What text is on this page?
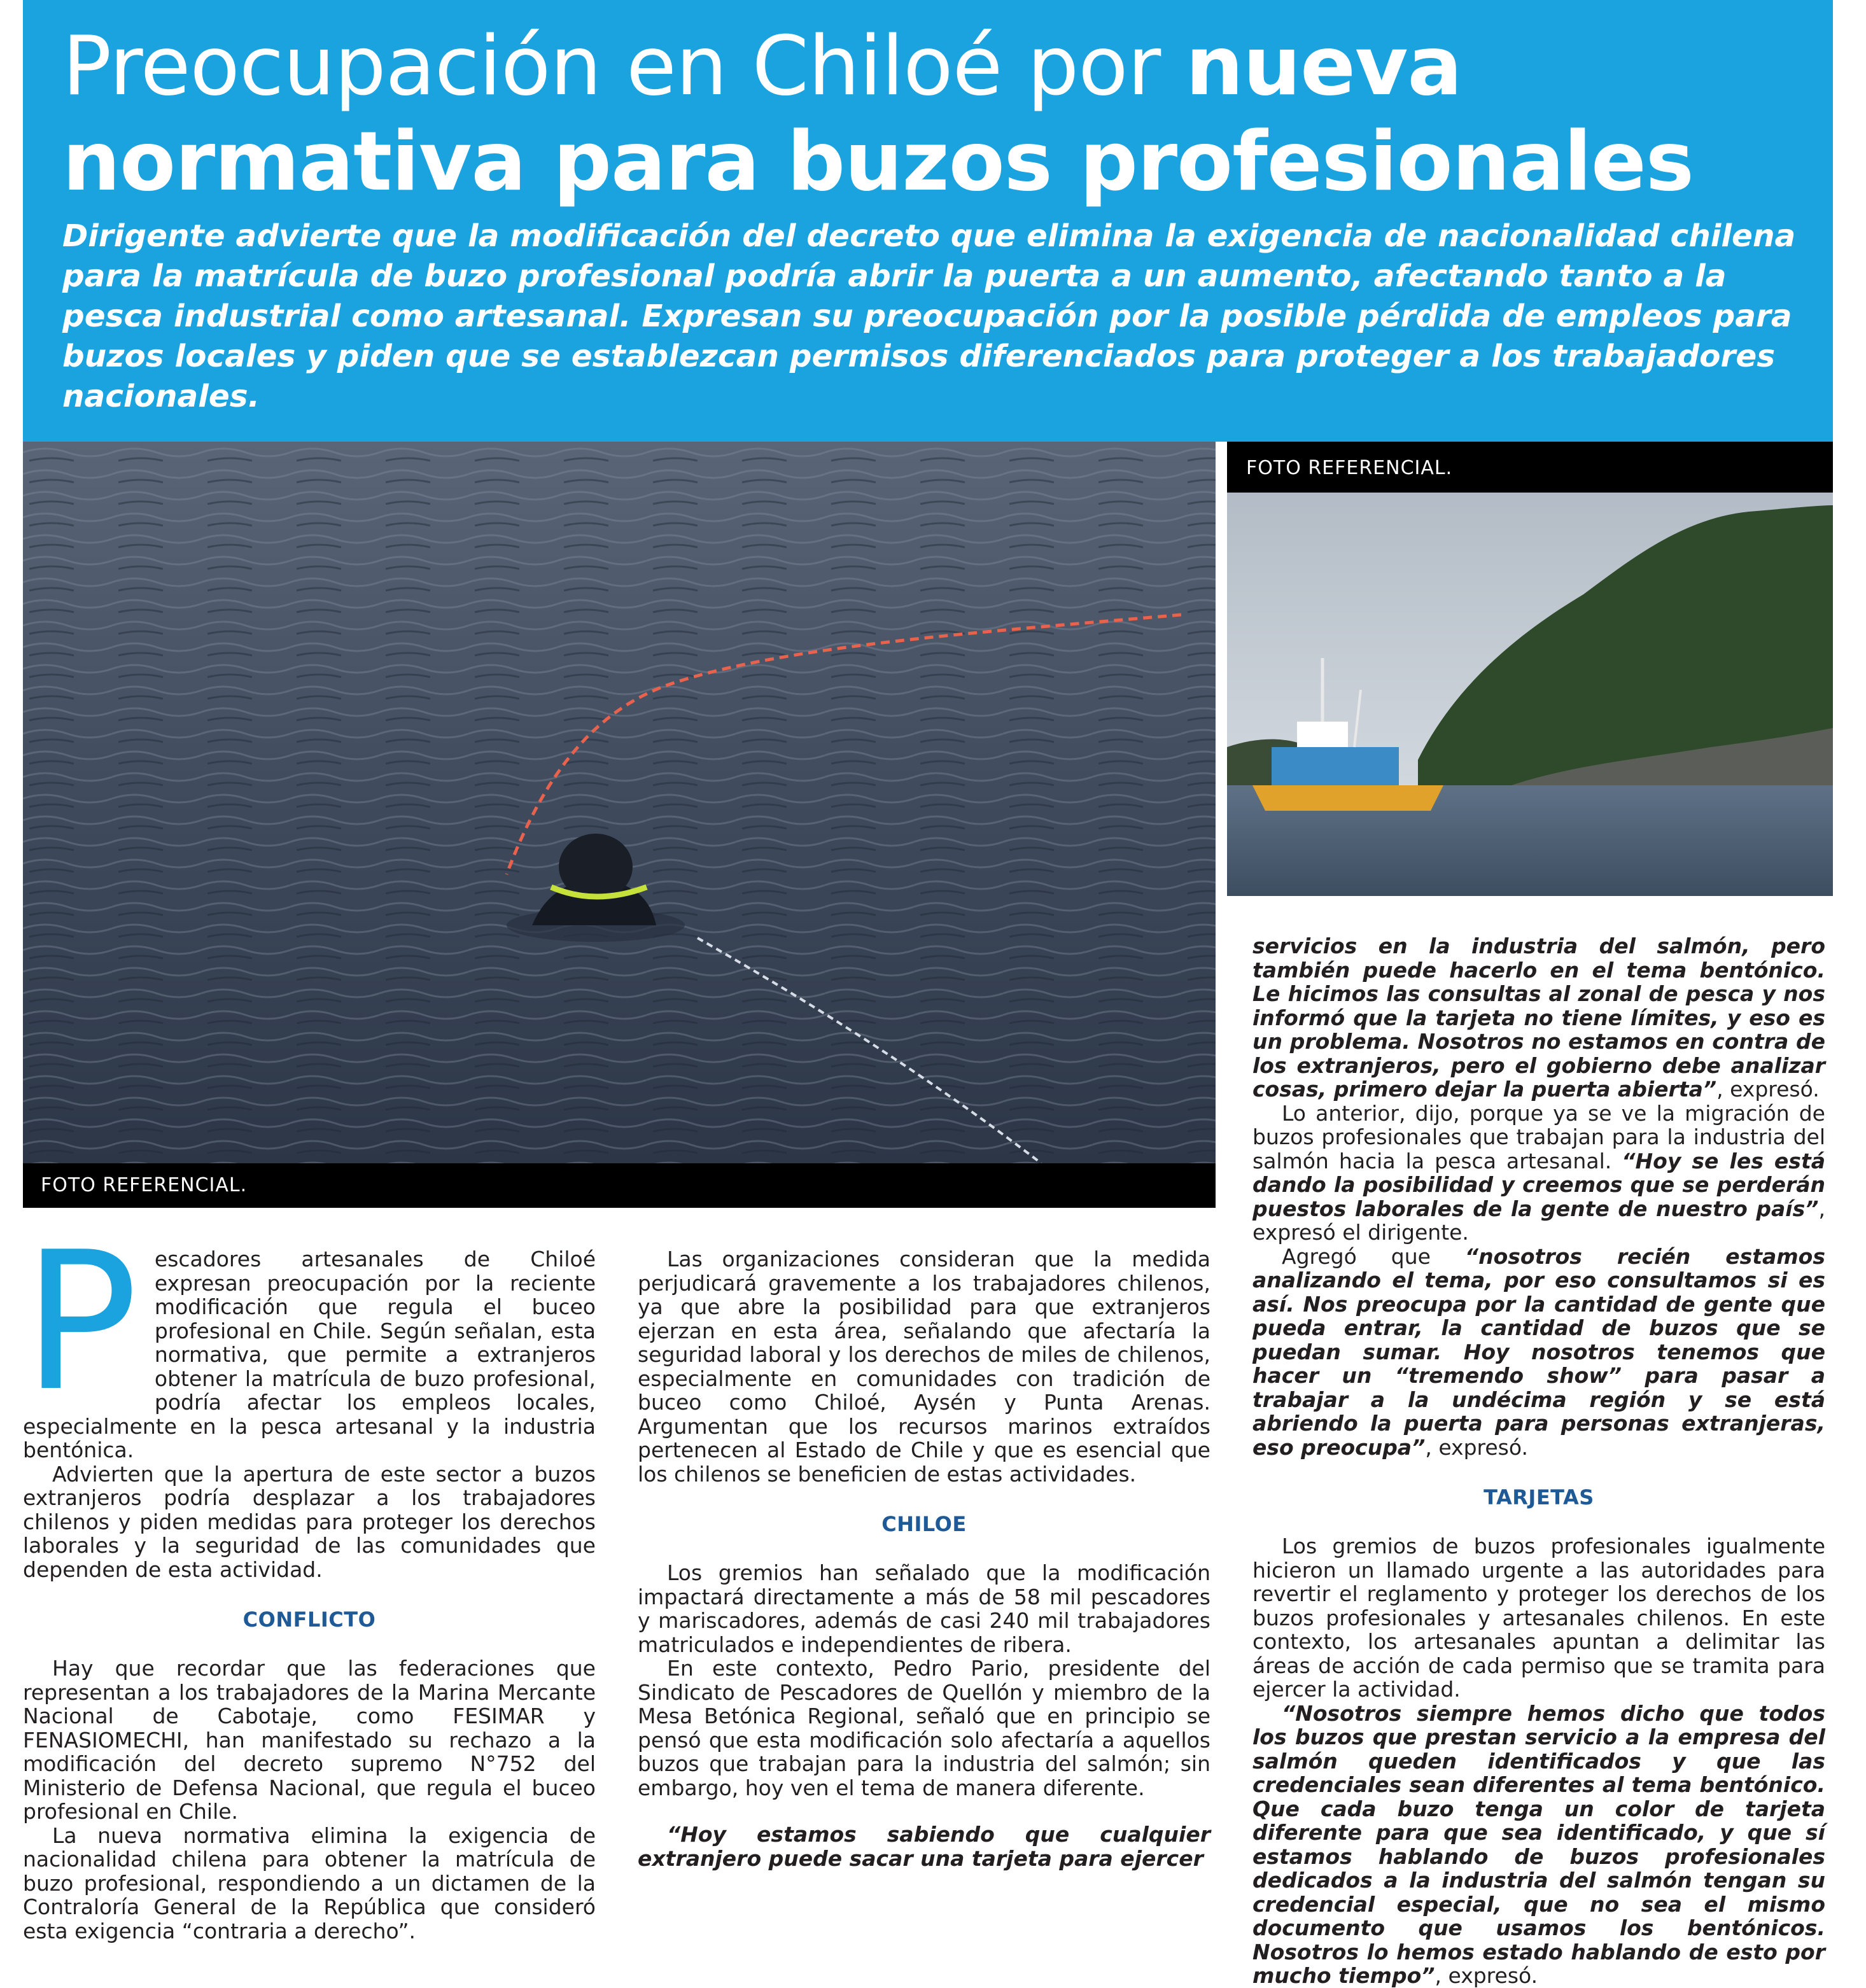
Preocupación en Chiloé por nueva normativa para buzos profesionales

Dirigente advierte que la modificación del decreto que elimina la exigencia de nacionalidad chilena para la matrícula de buzo profesional podría abrir la puerta a un aumento, afectando tanto a la pesca industrial como artesanal. Expresan su preocupación por la posible pérdida de empleos para buzos locales y piden que se establezcan permisos diferenciados para proteger a los trabajadores nacionales.

FOTO REFERENCIAL.
FOTO REFERENCIAL.

Pescadores artesanales de Chiloé expresan preocupación por la reciente modificación que regula el buceo profesional en Chile. Según señalan, esta normativa, que permite a extranjeros obtener la matrícula de buzo profesional, podría afectar los empleos locales, especialmente en la pesca artesanal y la industria bentónica.

Advierten que la apertura de este sector a buzos extranjeros podría desplazar a los trabajadores chilenos y piden medidas para proteger los derechos laborales y la seguridad de las comunidades que dependen de esta actividad.

CONFLICTO

Hay que recordar que las federaciones que representan a los trabajadores de la Marina Mercante Nacional de Cabotaje, como FESIMAR y FENASIOMECHI, han manifestado su rechazo a la modificación del decreto supremo N°752 del Ministerio de Defensa Nacional, que regula el buceo profesional en Chile.

La nueva normativa elimina la exigencia de nacionalidad chilena para obtener la matrícula de buzo profesional, respondiendo a un dictamen de la Contraloría General de la República que consideró esta exigencia “contraria a derecho”.

Las organizaciones consideran que la medida perjudicará gravemente a los trabajadores chilenos, ya que abre la posibilidad para que extranjeros ejerzan en esta área, señalando que afectaría la seguridad laboral y los derechos de miles de chilenos, especialmente en comunidades con tradición de buceo como Chiloé, Aysén y Punta Arenas. Argumentan que los recursos marinos extraídos pertenecen al Estado de Chile y que es esencial que los chilenos se beneficien de estas actividades.

CHILOE

Los gremios han señalado que la modificación impactará directamente a más de 58 mil pescadores y mariscadores, además de casi 240 mil trabajadores matriculados e independientes de ribera.

En este contexto, Pedro Pario, presidente del Sindicato de Pescadores de Quellón y miembro de la Mesa Betónica Regional, señaló que en principio se pensó que esta modificación solo afectaría a aquellos buzos que trabajan para la industria del salmón; sin embargo, hoy ven el tema de manera diferente.

“Hoy estamos sabiendo que cualquier extranjero puede sacar una tarjeta para ejercer

servicios en la industria del salmón, pero también puede hacerlo en el tema bentónico. Le hicimos las consultas al zonal de pesca y nos informó que la tarjeta no tiene límites, y eso es un problema. Nosotros no estamos en contra de los extranjeros, pero el gobierno debe analizar cosas, primero dejar la puerta abierta”, expresó.

Lo anterior, dijo, porque ya se ve la migración de buzos profesionales que trabajan para la industria del salmón hacia la pesca artesanal. “Hoy se les está dando la posibilidad y creemos que se perderán puestos laborales de la gente de nuestro país”, expresó el dirigente.

Agregó que “nosotros recién estamos analizando el tema, por eso consultamos si es así. Nos preocupa por la cantidad de gente que pueda entrar, la cantidad de buzos que se puedan sumar. Hoy nosotros tenemos que hacer un “tremendo show” para pasar a trabajar a la undécima región y se está abriendo la puerta para personas extranjeras, eso preocupa”, expresó.

TARJETAS

Los gremios de buzos profesionales igualmente hicieron un llamado urgente a las autoridades para revertir el reglamento y proteger los derechos de los buzos profesionales y artesanales chilenos. En este contexto, los artesanales apuntan a delimitar las áreas de acción de cada permiso que se tramita para ejercer la actividad.

“Nosotros siempre hemos dicho que todos los buzos que prestan servicio a la empresa del salmón queden identificados y que las credenciales sean diferentes al tema bentónico. Que cada buzo tenga un color de tarjeta diferente para que sea identificado, y que sí estamos hablando de buzos profesionales dedicados a la industria del salmón tengan su credencial especial, que no sea el mismo documento que usamos los bentónicos. Nosotros lo hemos estado hablando de esto por mucho tiempo”, expresó.
